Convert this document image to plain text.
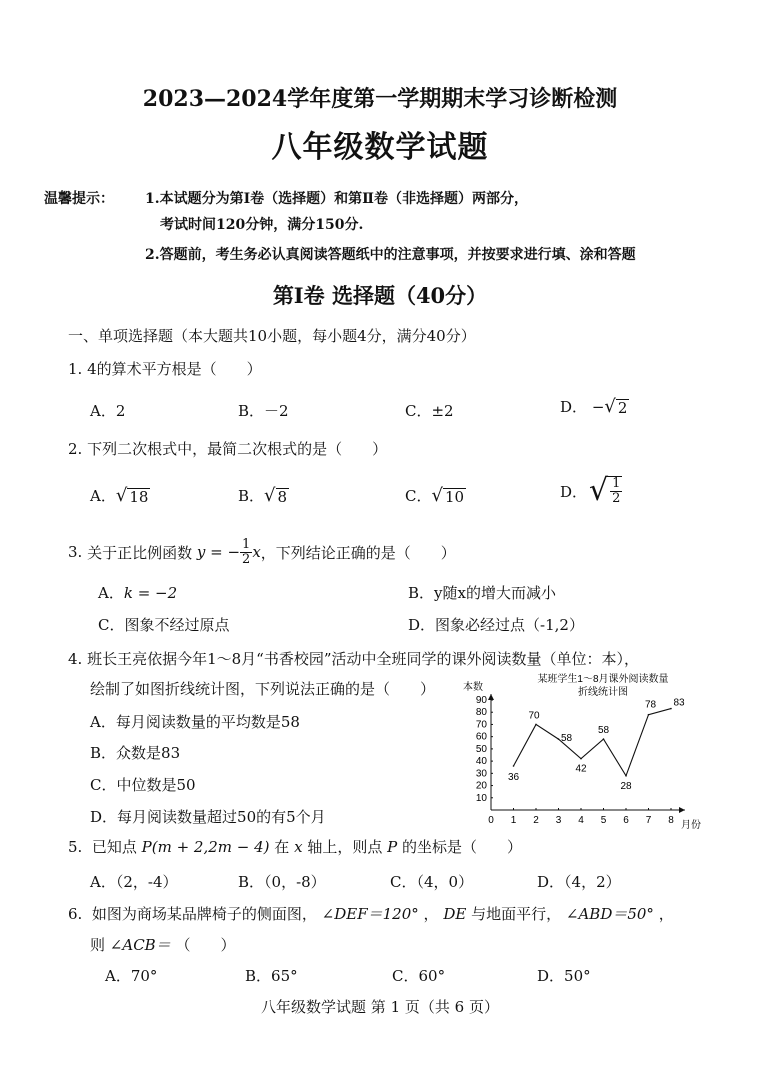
2023—2024学年度第一学期期末学习诊断检测
八年级数学试题
温馨提示： 1.本试题分为第Ⅰ卷（选择题）和第Ⅱ卷（非选择题）两部分，
考试时间120分钟，满分150分.
2.答题前，考生务必认真阅读答题纸中的注意事项，并按要求进行填、涂和答题
第Ⅰ卷 选择题（40分）
一、单项选择题（本大题共10小题，每小题4分，满分40分）
1. 4的算术平方根是（　　）
A．2	B．－2	C．±2	D． − √ 2
2. 下列二次根式中，最简二次根式的是（　　）
A． √ 18	B． √ 8	C． √ 10	D． √ $\frac{1}{2}$
3.
关于正比例函数
y = − $\frac{1}{2}$ x ，下列结论正确的是（　　）
A．k = −2	B．y随x的增大而减小
C．图象不经过原点	D．图象必经过点（-1,2）
4. 班长王亮依据今年1～8月“书香校园”活动中全班同学的课外阅读数量（单位：本），
绘制了如图折线统计图，下列说法正确的是（　　）
A．每月阅读数量的平均数是58
B．众数是83
C．中位数是50
D．每月阅读数量超过50的有5个月
某班学生1～8月课外阅读数量
折线统计图
本数
月份
0 1 2 3 4 5 6 7 8
10
20
30
40
50
60
70
80
90
36
70
58
42
58
28
78 83
5. 已知点 P(m + 2,2m − 4) 在 x 轴上，则点 P 的坐标是（　　）
A．（2，-4）	B．（0，-8）	C．（4，0）	D．（4，2）
6. 如图为商场某品牌椅子的侧面图， ∠DEF＝120° ， DE 与地面平行， ∠ABD＝50° ，
则 ∠ACB＝ （　　）
A．70°	B．65°	C．60°	D．50°
八年级数学试题 第 1 页（共 6 页）
